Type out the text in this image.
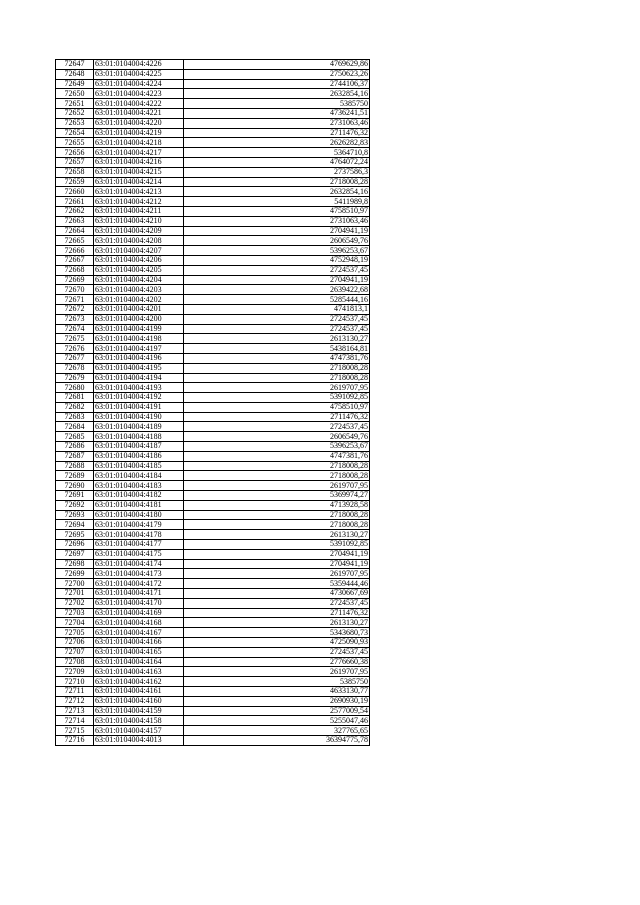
72647	63:01:0104004:4226	4769629,86
72648	63:01:0104004:4225	2750623,26
72649	63:01:0104004:4224	2744106,37
72650	63:01:0104004:4223	2632854,16
72651	63:01:0104004:4222	5385750
72652	63:01:0104004:4221	4736241,51
72653	63:01:0104004:4220	2731063,46
72654	63:01:0104004:4219	2711476,32
72655	63:01:0104004:4218	2626282,83
72656	63:01:0104004:4217	5364710,8
72657	63:01:0104004:4216	4764072,24
72658	63:01:0104004:4215	2737586,3
72659	63:01:0104004:4214	2718008,28
72660	63:01:0104004:4213	2632854,16
72661	63:01:0104004:4212	5411989,8
72662	63:01:0104004:4211	4758510,97
72663	63:01:0104004:4210	2731063,46
72664	63:01:0104004:4209	2704941,19
72665	63:01:0104004:4208	2606549,76
72666	63:01:0104004:4207	5396253,67
72667	63:01:0104004:4206	4752948,19
72668	63:01:0104004:4205	2724537,45
72669	63:01:0104004:4204	2704941,19
72670	63:01:0104004:4203	2639422,68
72671	63:01:0104004:4202	5285444,16
72672	63:01:0104004:4201	4741813,1
72673	63:01:0104004:4200	2724537,45
72674	63:01:0104004:4199	2724537,45
72675	63:01:0104004:4198	2613130,27
72676	63:01:0104004:4197	5438164,81
72677	63:01:0104004:4196	4747381,76
72678	63:01:0104004:4195	2718008,28
72679	63:01:0104004:4194	2718008,28
72680	63:01:0104004:4193	2619707,95
72681	63:01:0104004:4192	5391092,85
72682	63:01:0104004:4191	4758510,97
72683	63:01:0104004:4190	2711476,32
72684	63:01:0104004:4189	2724537,45
72685	63:01:0104004:4188	2606549,76
72686	63:01:0104004:4187	5396253,67
72687	63:01:0104004:4186	4747381,76
72688	63:01:0104004:4185	2718008,28
72689	63:01:0104004:4184	2718008,28
72690	63:01:0104004:4183	2619707,95
72691	63:01:0104004:4182	5369974,27
72692	63:01:0104004:4181	4713928,58
72693	63:01:0104004:4180	2718008,28
72694	63:01:0104004:4179	2718008,28
72695	63:01:0104004:4178	2613130,27
72696	63:01:0104004:4177	5391092,85
72697	63:01:0104004:4175	2704941,19
72698	63:01:0104004:4174	2704941,19
72699	63:01:0104004:4173	2619707,95
72700	63:01:0104004:4172	5359444,46
72701	63:01:0104004:4171	4730667,69
72702	63:01:0104004:4170	2724537,45
72703	63:01:0104004:4169	2711476,32
72704	63:01:0104004:4168	2613130,27
72705	63:01:0104004:4167	5343680,73
72706	63:01:0104004:4166	4725090,93
72707	63:01:0104004:4165	2724537,45
72708	63:01:0104004:4164	2776660,38
72709	63:01:0104004:4163	2619707,95
72710	63:01:0104004:4162	5385750
72711	63:01:0104004:4161	4633130,77
72712	63:01:0104004:4160	2690930,19
72713	63:01:0104004:4159	2577009,54
72714	63:01:0104004:4158	5255047,46
72715	63:01:0104004:4157	327765,65
72716	63:01:0104004:4013	36394775,78
